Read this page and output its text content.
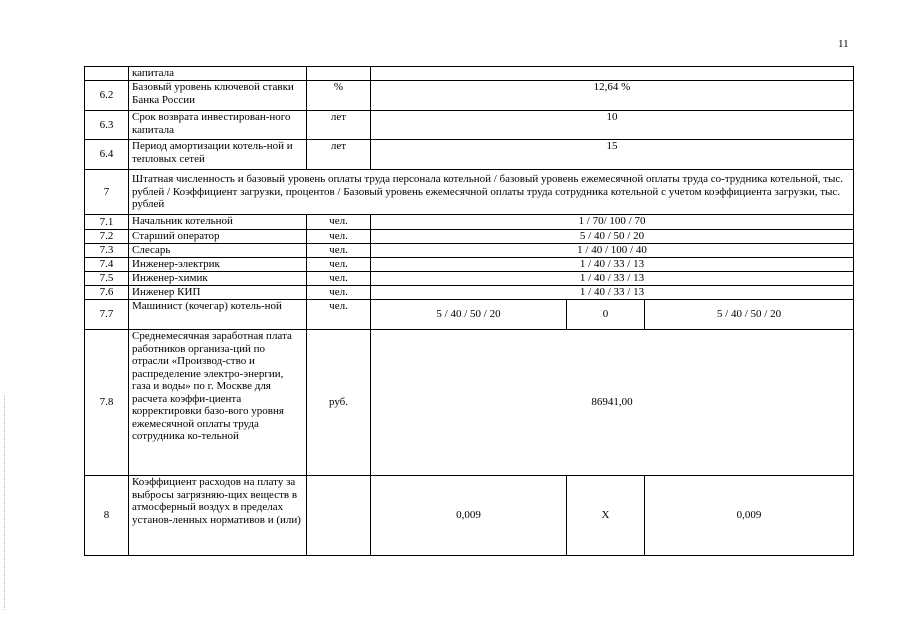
11
	капитала				
6.2	Базовый уровень ключевой ставки Банка России	%	12,64 %		
6.3	Срок возврата инвестирован-ного капитала	лет	10		
6.4	Период амортизации котель-ной и тепловых сетей	лет	15		
7	Штатная численность и базовый уровень оплаты труда персонала котельной / базовый уровень ежемесячной оплаты труда со-трудника котельной, тыс. рублей / Коэффициент загрузки, процентов / Базовый уровень ежемесячной оплаты труда сотрудника котельной с учетом коэффициента загрузки, тыс. рублей				
7.1	Начальник котельной	чел.	1 / 70/ 100 / 70		
7.2	Старший оператор	чел.	5 / 40 / 50 / 20		
7.3	Слесарь	чел.	1 / 40 / 100 / 40		
7.4	Инженер-электрик	чел.	1 / 40 / 33 / 13		
7.5	Инженер-химик	чел.	1 / 40 / 33 / 13		
7.6	Инженер КИП	чел.	1 / 40 / 33 / 13		
7.7	Машинист (кочегар) котель-ной	чел.	5 / 40 / 50 / 20	0	5 / 40 / 50 / 20
7.8	Среднемесячная заработная плата работников организа-ций по отрасли «Производ-ство и распределение электро-энергии, газа и воды» по г. Москве для расчета коэффи-циента корректировки базо-вого уровня ежемесячной оплаты труда сотрудника ко-тельной	руб.	86941,00		
8	Коэффициент расходов на плату за выбросы загрязняю-щих веществ в атмосферный воздух в пределах установ-ленных нормативов и (или)		0,009	Х	0,009
